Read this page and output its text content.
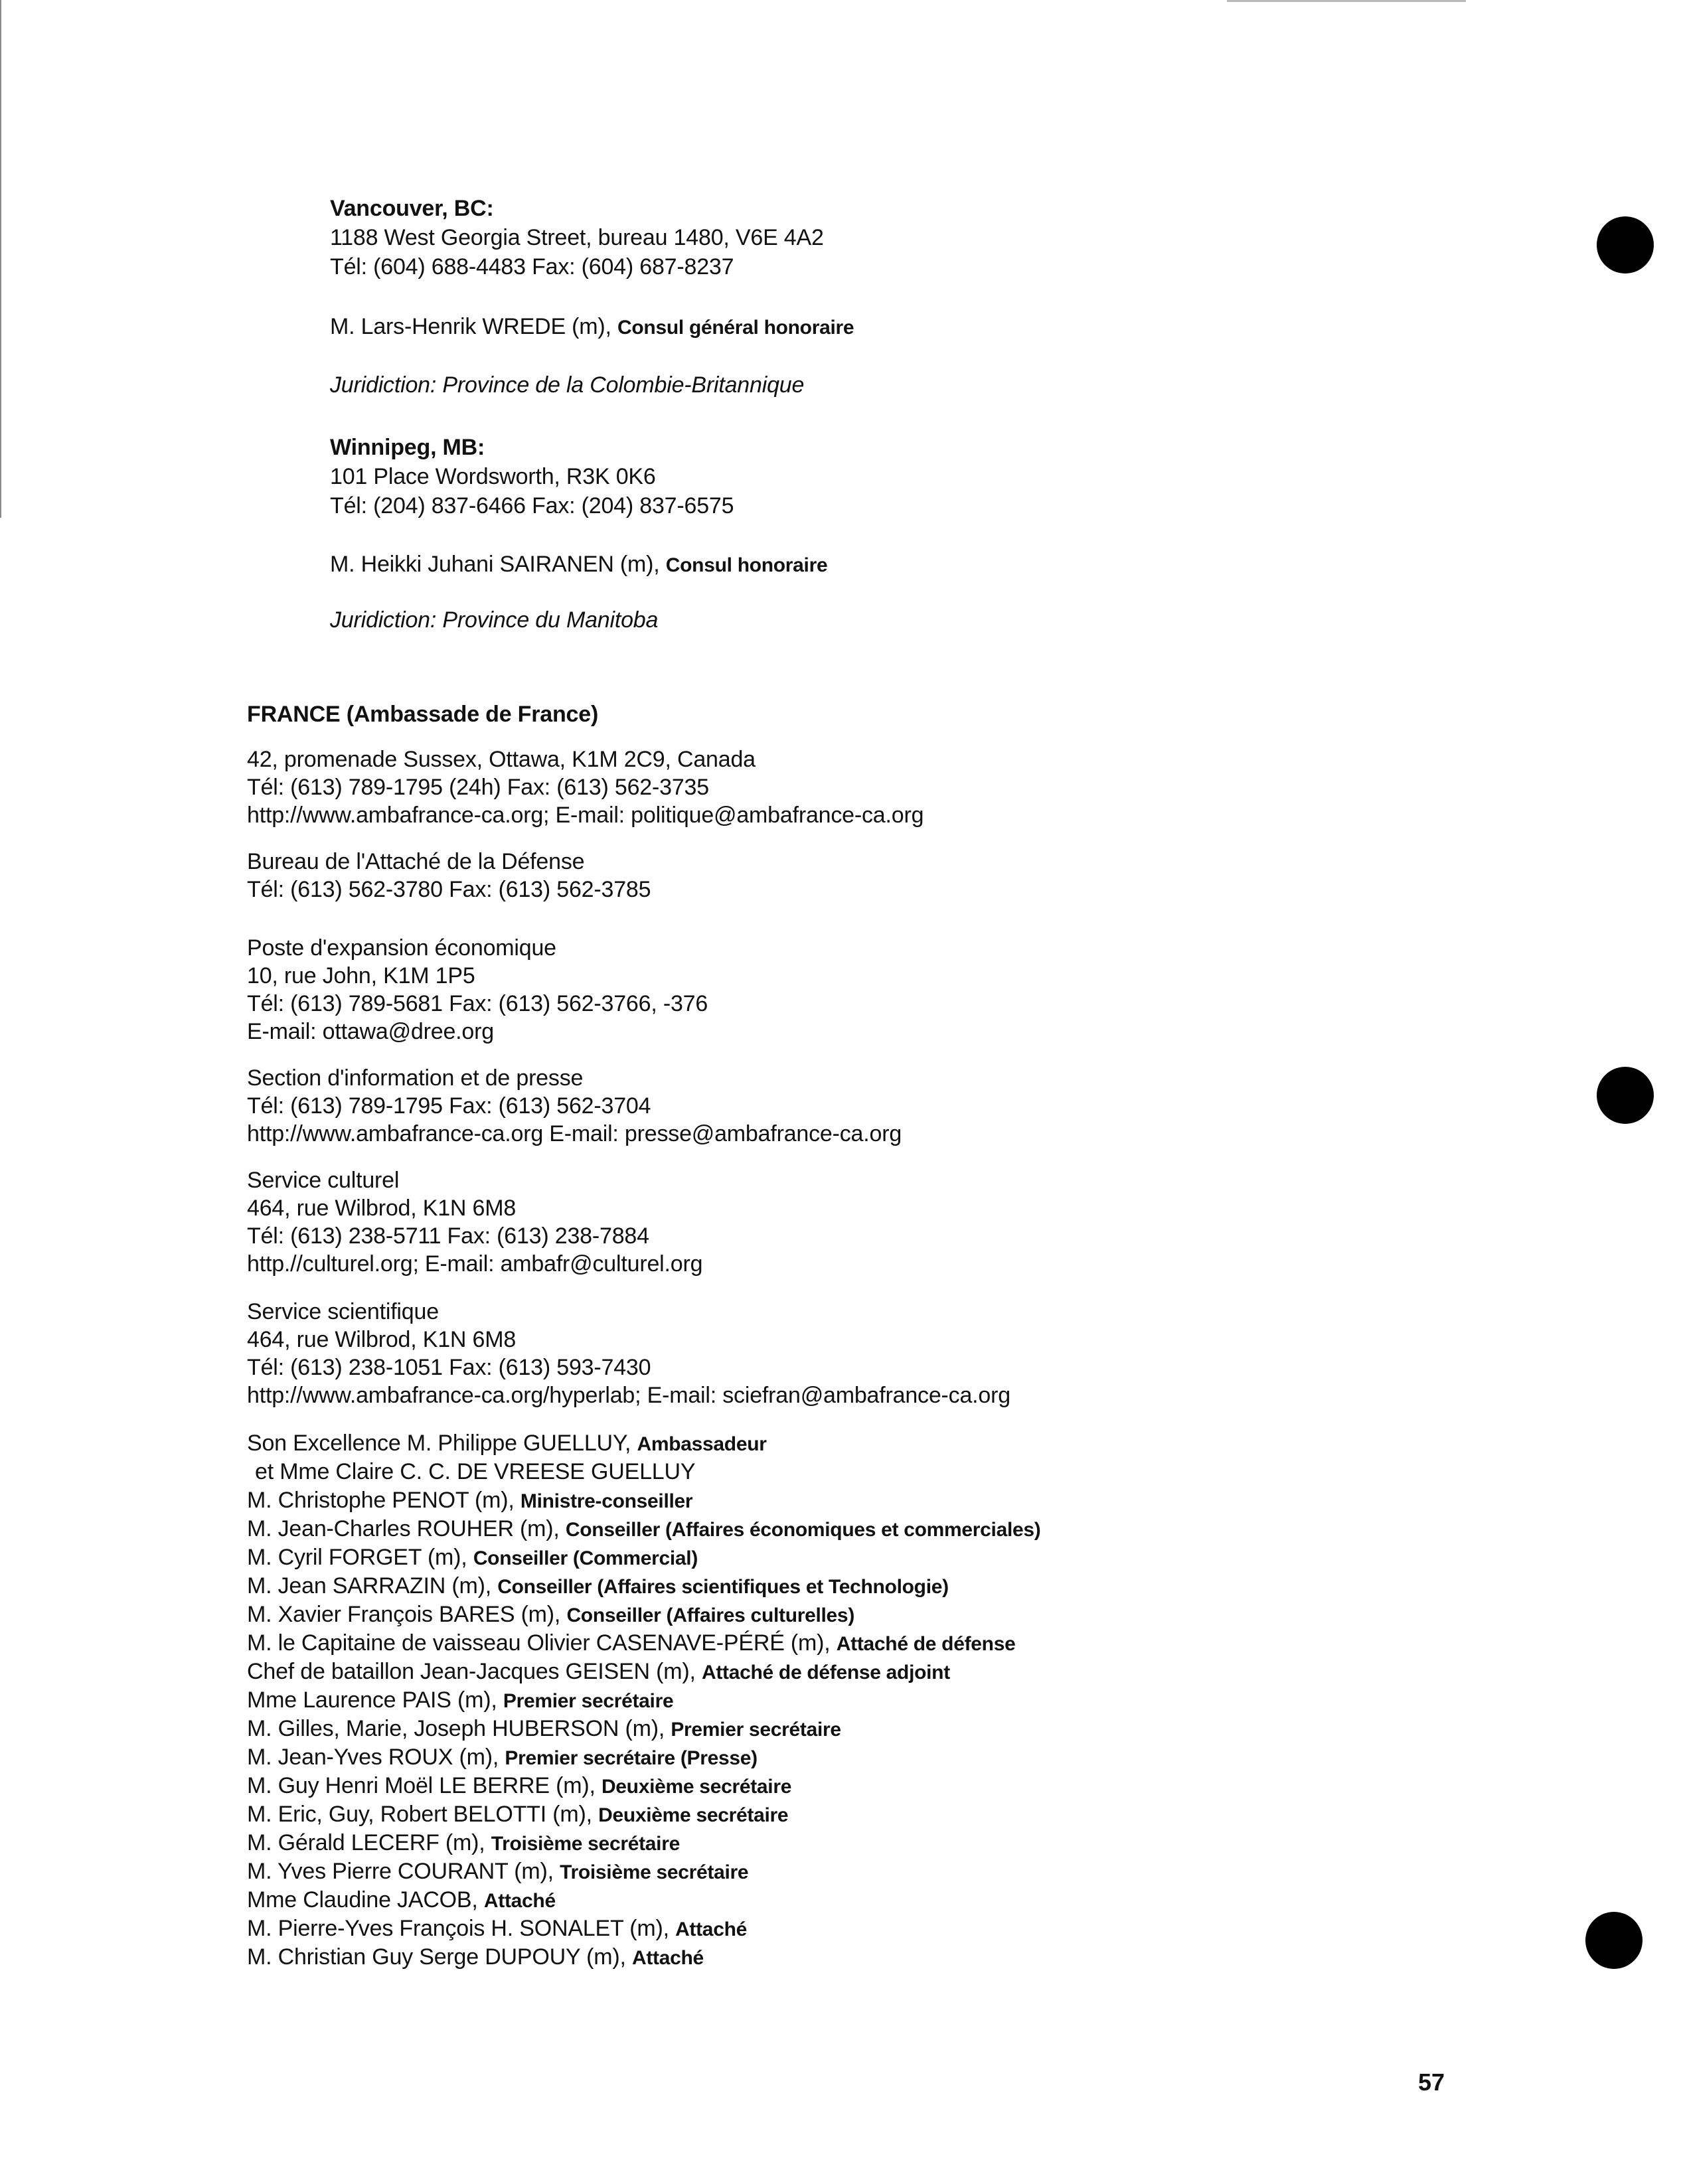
Vancouver, BC:
1188 West Georgia Street, bureau 1480, V6E 4A2
Tél: (604) 688-4483 Fax: (604) 687-8237
M. Lars-Henrik WREDE (m), Consul général honoraire
Juridiction: Province de la Colombie-Britannique
Winnipeg, MB:
101 Place Wordsworth, R3K 0K6
Tél: (204) 837-6466 Fax: (204) 837-6575
M. Heikki Juhani SAIRANEN (m), Consul honoraire
Juridiction: Province du Manitoba
FRANCE (Ambassade de France)
42, promenade Sussex, Ottawa, K1M 2C9, Canada
Tél: (613) 789-1795 (24h) Fax: (613) 562-3735
http://www.ambafrance-ca.org; E-mail: politique@ambafrance-ca.org
Bureau de l'Attaché de la Défense
Tél: (613) 562-3780 Fax: (613) 562-3785
Poste d'expansion économique
10, rue John, K1M 1P5
Tél: (613) 789-5681 Fax: (613) 562-3766, -376
E-mail: ottawa@dree.org
Section d'information et de presse
Tél: (613) 789-1795 Fax: (613) 562-3704
http://www.ambafrance-ca.org E-mail: presse@ambafrance-ca.org
Service culturel
464, rue Wilbrod, K1N 6M8
Tél: (613) 238-5711 Fax: (613) 238-7884
http.//culturel.org; E-mail: ambafr@culturel.org
Service scientifique
464, rue Wilbrod, K1N 6M8
Tél: (613) 238-1051 Fax: (613) 593-7430
http://www.ambafrance-ca.org/hyperlab; E-mail: sciefran@ambafrance-ca.org
Son Excellence M. Philippe GUELLUY, Ambassadeur
et Mme Claire C. C. DE VREESE GUELLUY
M. Christophe PENOT (m), Ministre-conseiller
M. Jean-Charles ROUHER (m), Conseiller (Affaires économiques et commerciales)
M. Cyril FORGET (m), Conseiller (Commercial)
M. Jean SARRAZIN (m), Conseiller (Affaires scientifiques et Technologie)
M. Xavier François BARES (m), Conseiller (Affaires culturelles)
M. le Capitaine de vaisseau Olivier CASENAVE-PÉRÉ (m), Attaché de défense
Chef de bataillon Jean-Jacques GEISEN (m), Attaché de défense adjoint
Mme Laurence PAIS (m), Premier secrétaire
M. Gilles, Marie, Joseph HUBERSON (m), Premier secrétaire
M. Jean-Yves ROUX (m), Premier secrétaire (Presse)
M. Guy Henri Moël LE BERRE (m), Deuxième secrétaire
M. Eric, Guy, Robert BELOTTI (m), Deuxième secrétaire
M. Gérald LECERF (m), Troisième secrétaire
M. Yves Pierre COURANT (m), Troisième secrétaire
Mme Claudine JACOB, Attaché
M. Pierre-Yves François H. SONALET (m), Attaché
M. Christian Guy Serge DUPOUY (m), Attaché
57
